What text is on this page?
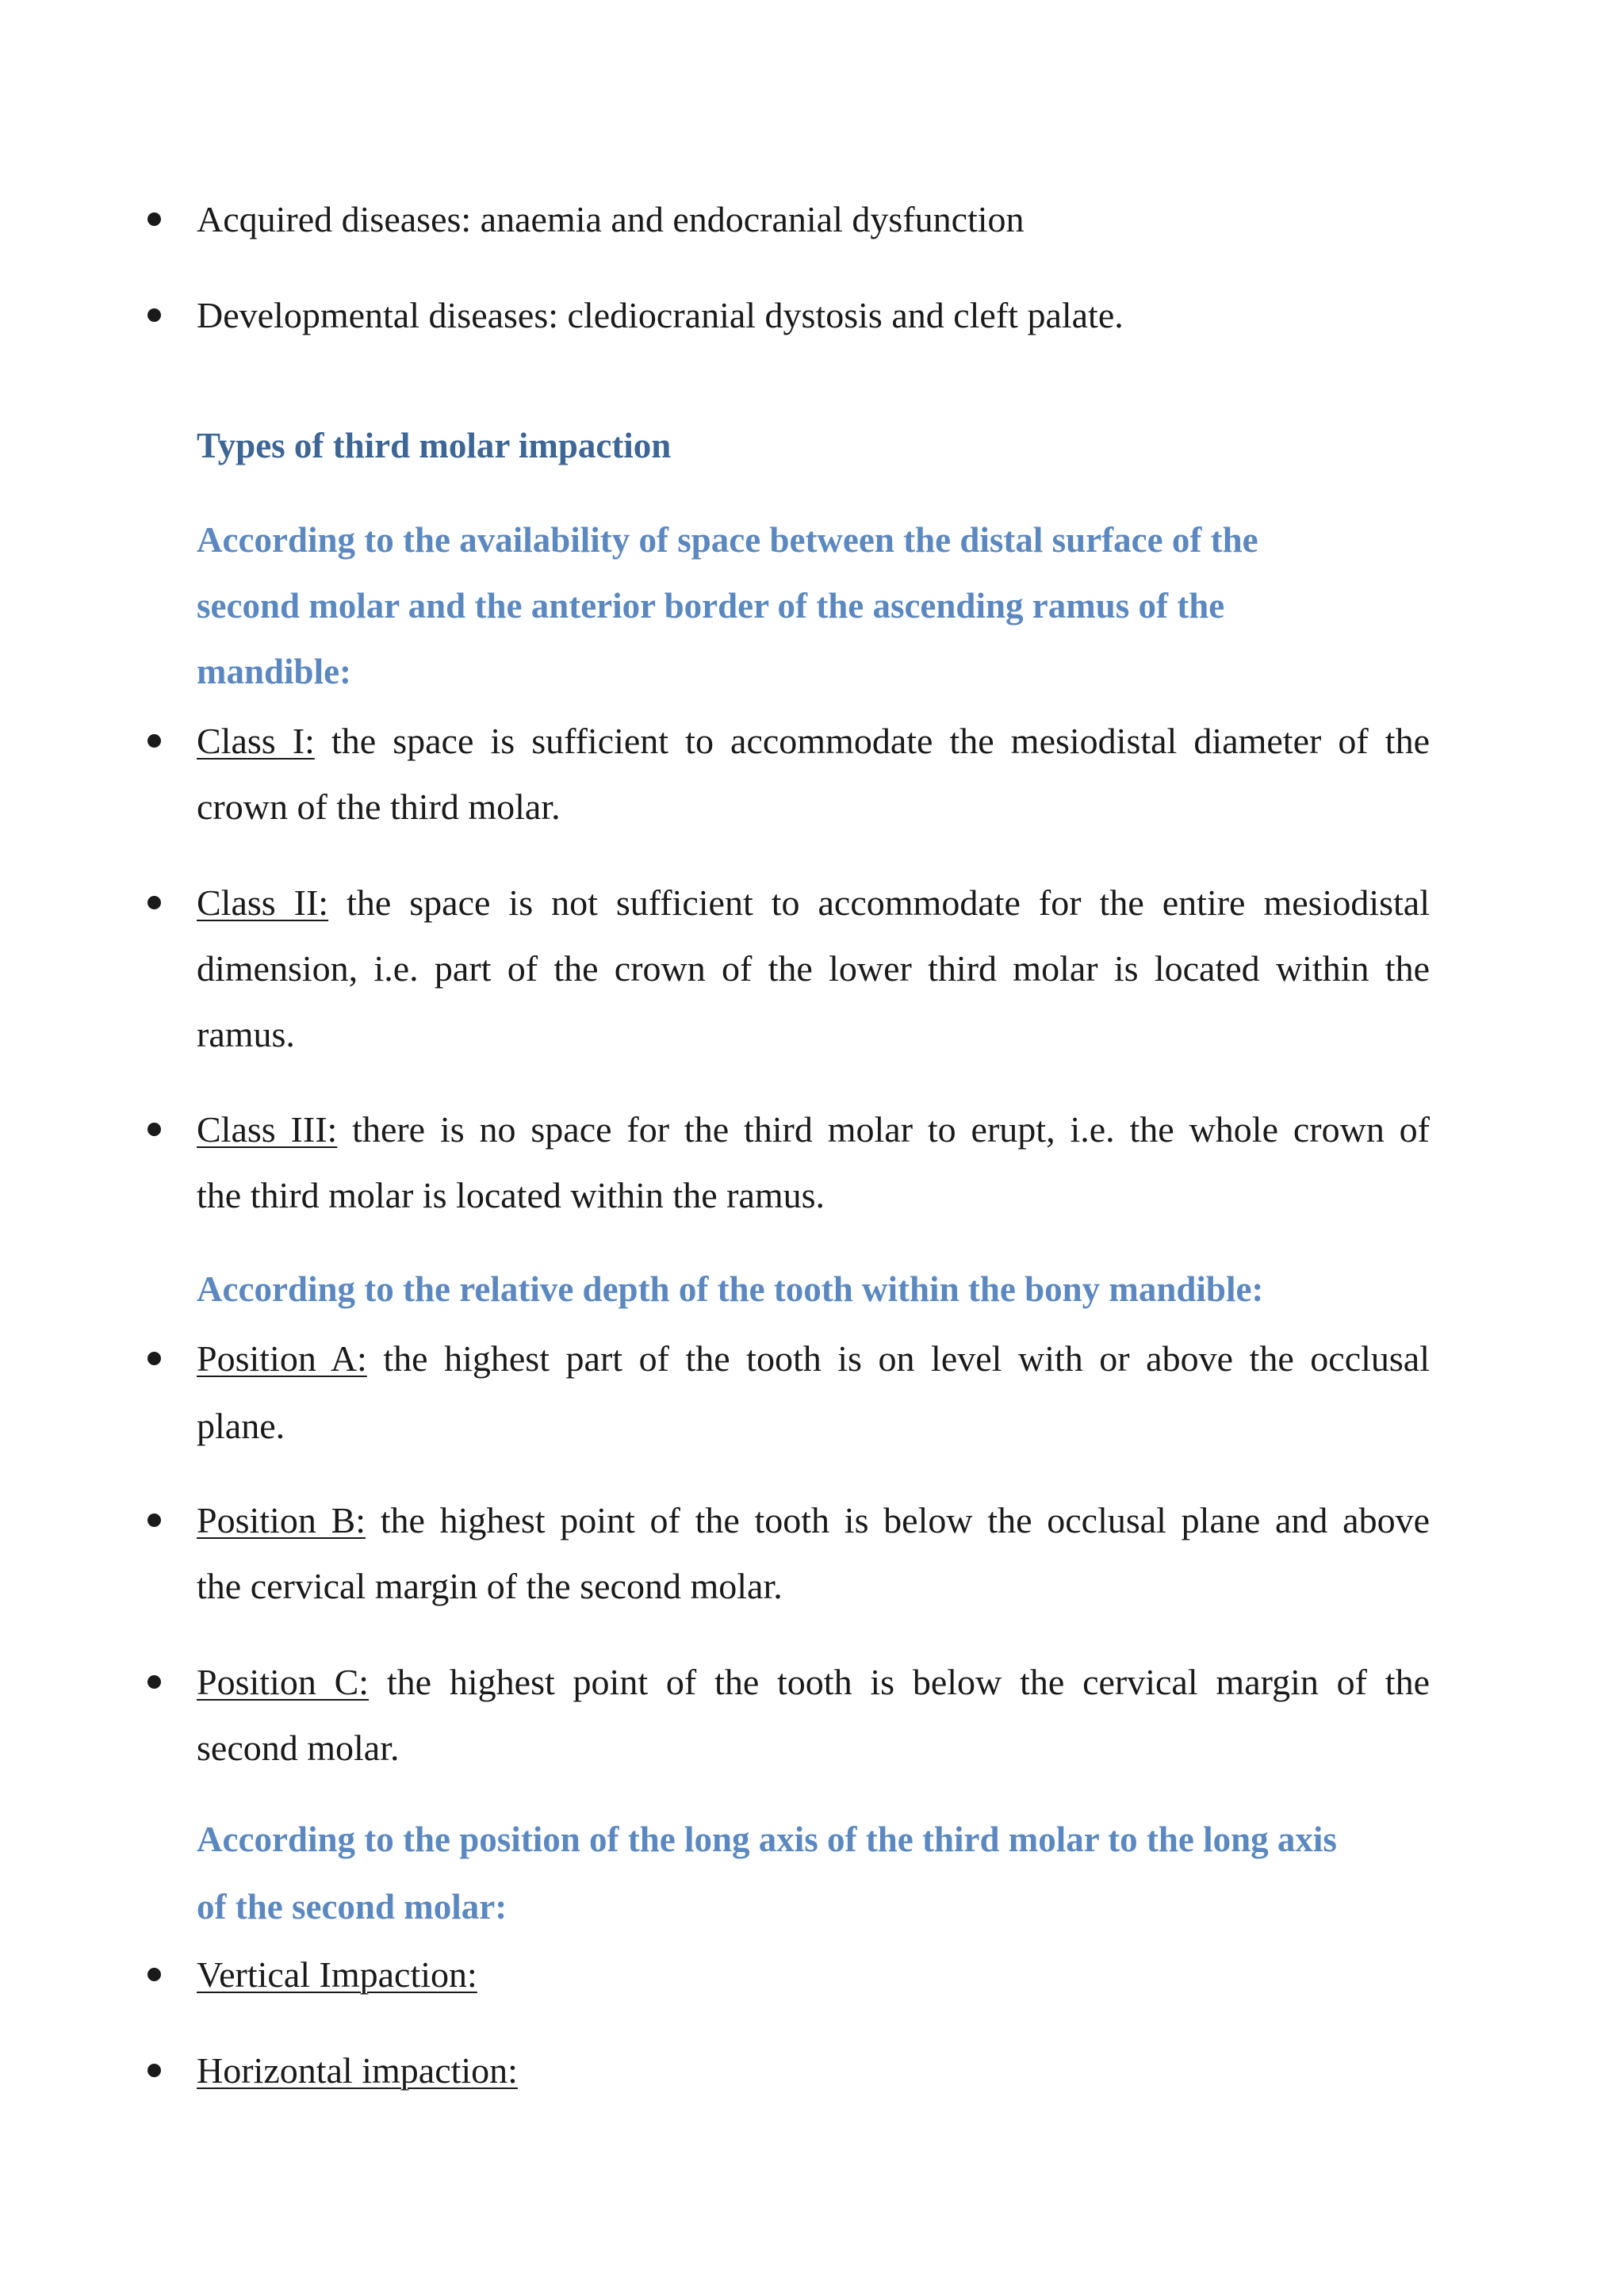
Acquired diseases: anaemia and endocranial dysfunction
Developmental diseases: clediocranial dystosis and cleft palate.
Types of third molar impaction
According to the availability of space between the distal surface of the
second molar and the anterior border of the ascending ramus of the
mandible:
Class I: the space is sufficient to accommodate the mesiodistal diameter of the
crown of the third molar.
Class II: the space is not sufficient to accommodate for the entire mesiodistal
dimension, i.e. part of the crown of the lower third molar is located within the
ramus.
Class III: there is no space for the third molar to erupt, i.e. the whole crown of
the third molar is located within the ramus.
According to the relative depth of the tooth within the bony mandible:
Position A: the highest part of the tooth is on level with or above the occlusal
plane.
Position B: the highest point of the tooth is below the occlusal plane and above
the cervical margin of the second molar.
Position C: the highest point of the tooth is below the cervical margin of the
second molar.
According to the position of the long axis of the third molar to the long axis
of the second molar:
Vertical Impaction:
Horizontal impaction:
